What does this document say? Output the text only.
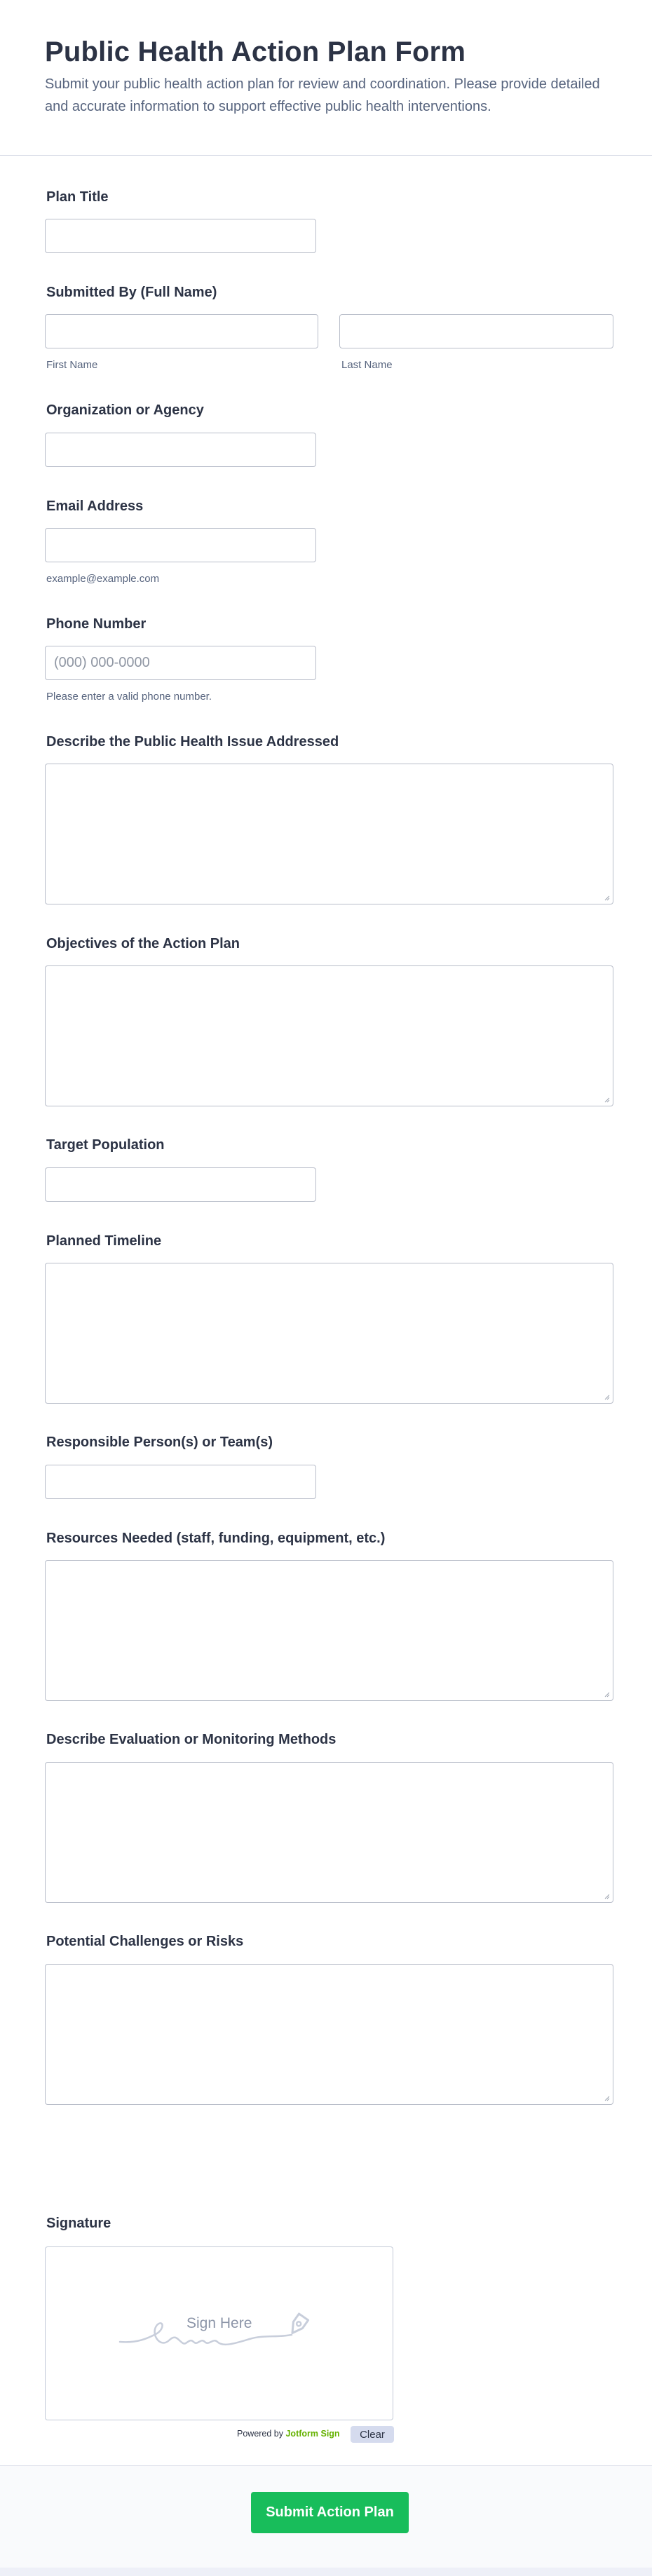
Public Health Action Plan Form
Submit your public health action plan for review and coordination. Please provide detailed and accurate information to support effective public health interventions.
Plan Title
Submitted By (Full Name)
First Name	Last Name
Organization or Agency
Email Address
example@example.com
Phone Number
(000) 000-0000
Please enter a valid phone number.
Describe the Public Health Issue Addressed
Objectives of the Action Plan
Target Population
Planned Timeline
Responsible Person(s) or Team(s)
Resources Needed (staff, funding, equipment, etc.)
Describe Evaluation or Monitoring Methods
Potential Challenges or Risks
Signature
Sign Here
Powered by Jotform Sign	Clear
Submit Action Plan
